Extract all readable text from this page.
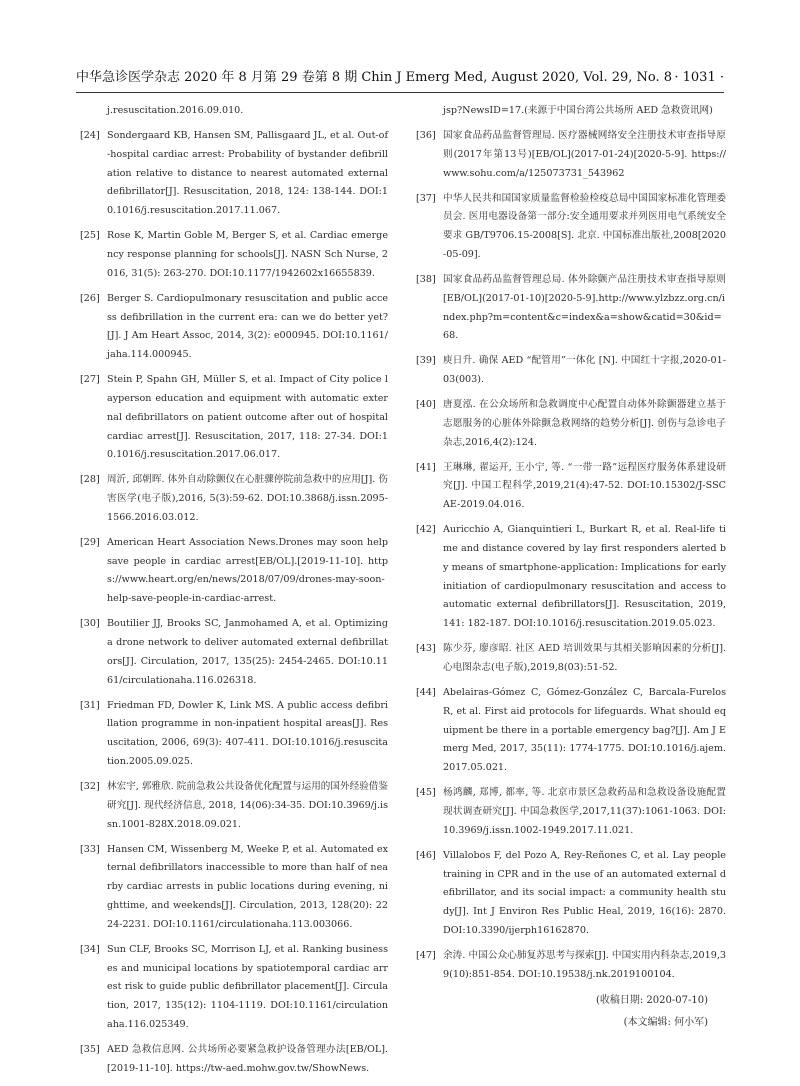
中华急诊医学杂志 2020 年 8 月第 29 卷第 8 期 Chin J Emerg Med, August 2020, Vol. 29, No. 8 · 1031 ·

j.resuscitation.2016.09.010.

[24] Sondergaard KB, Hansen SM, Pallisgaard JL, et al. Out-of-hospital cardiac arrest: Probability of bystander defibrillation relative to distance to nearest automated external defibrillator[J]. Resuscitation, 2018, 124: 138-144. DOI:10.1016/j.resuscitation.2017.11.067.

[25] Rose K, Martin Goble M, Berger S, et al. Cardiac emergency response planning for schools[J]. NASN Sch Nurse, 2016, 31(5): 263-270. DOI:10.1177/1942602x16655839.

[26] Berger S. Cardiopulmonary resuscitation and public access defibrillation in the current era: can we do better yet?[J]. J Am Heart Assoc, 2014, 3(2): e000945. DOI:10.1161/jaha.114.000945.

[27] Stein P, Spahn GH, Müller S, et al. Impact of City police layperson education and equipment with automatic external defibrillators on patient outcome after out of hospital cardiac arrest[J]. Resuscitation, 2017, 118: 27-34. DOI:10.1016/j.resuscitation.2017.06.017.

[28] 周沂, 邱朝晖. 体外自动除颤仪在心脏骤停院前急救中的应用[J]. 伤害医学(电子版),2016, 5(3):59-62. DOI:10.3868/j.issn.2095-1566.2016.03.012.

[29] American Heart Association News.Drones may soon help save people in cardiac arrest[EB/OL].[2019-11-10]. https://www.heart.org/en/news/2018/07/09/drones-may-soon-help-save-people-in-cardiac-arrest.

[30] Boutilier JJ, Brooks SC, Janmohamed A, et al. Optimizing a drone network to deliver automated external defibrillators[J]. Circulation, 2017, 135(25): 2454-2465. DOI:10.1161/circulationaha.116.026318.

[31] Friedman FD, Dowler K, Link MS. A public access defibrillation programme in non-inpatient hospital areas[J]. Resuscitation, 2006, 69(3): 407-411. DOI:10.1016/j.resuscitation.2005.09.025.

[32] 林宏宇, 郭雅欣. 院前急救公共设备优化配置与运用的国外经验借鉴研究[J]. 现代经济信息, 2018, 14(06):34-35. DOI:10.3969/j.issn.1001-828X.2018.09.021.

[33] Hansen CM, Wissenberg M, Weeke P, et al. Automated external defibrillators inaccessible to more than half of nearby cardiac arrests in public locations during evening, nighttime, and weekends[J]. Circulation, 2013, 128(20): 2224-2231. DOI:10.1161/circulationaha.113.003066.

[34] Sun CLF, Brooks SC, Morrison LJ, et al. Ranking businesses and municipal locations by spatiotemporal cardiac arrest risk to guide public defibrillator placement[J]. Circulation, 2017, 135(12): 1104-1119. DOI:10.1161/circulationaha.116.025349.

[35] AED 急救信息网. 公共场所必要紧急救护设备管理办法[EB/OL].[2019-11-10]. https://tw-aed.mohw.gov.tw/ShowNews.

jsp?NewsID=17.(来源于中国台湾公共场所 AED 急救资讯网)

[36] 国家食品药品监督管理局. 医疗器械网络安全注册技术审查指导原则(2017年第13号)[EB/OL](2017-01-24)[2020-5-9]. https://www.sohu.com/a/125073731_543962

[37] 中华人民共和国国家质量监督检验检疫总局中国国家标准化管理委员会. 医用电器设备第一部分:安全通用要求并列医用电气系统安全要求 GB/T9706.15-2008[S]. 北京. 中国标准出版社,2008[2020-05-09].

[38] 国家食品药品监督管理总局. 体外除颤产品注册技术审查指导原则[EB/OL](2017-01-10)[2020-5-9].http://www.ylzbzz.org.cn/index.php?m=content&c=index&a=show&catid=30&id=68.

[39] 庾日升. 确保 AED “配管用”一体化 [N]. 中国红十字报,2020-01-03(003).

[40] 唐夏泓. 在公众场所和急救调度中心配置自动体外除颤器建立基于志愿服务的心脏体外除颤急救网络的趋势分析[J]. 创伤与急诊电子杂志,2016,4(2):124.

[41] 王琳琳, 翟运开, 王小宁, 等. “一带一路”远程医疗服务体系建设研究[J]. 中国工程科学,2019,21(4):47-52. DOI:10.15302/J-SSCAE-2019.04.016.

[42] Auricchio A, Gianquintieri L, Burkart R, et al. Real-life time and distance covered by lay first responders alerted by means of smartphone-application: Implications for early initiation of cardiopulmonary resuscitation and access to automatic external defibrillators[J]. Resuscitation, 2019, 141: 182-187. DOI:10.1016/j.resuscitation.2019.05.023.

[43] 陈少芬, 廖彦昭. 社区 AED 培训效果与其相关影响因素的分析[J]. 心电图杂志(电子版),2019,8(03):51-52.

[44] Abelairas-Gómez C, Gómez-González C, Barcala-Furelos R, et al. First aid protocols for lifeguards. What should equipment be there in a portable emergency bag?[J]. Am J Emerg Med, 2017, 35(11): 1774-1775. DOI:10.1016/j.ajem.2017.05.021.

[45] 杨鸿麟, 郑博, 都率, 等. 北京市景区急救药品和急救设备设施配置现状调查研究[J]. 中国急救医学,2017,11(37):1061-1063. DOI:10.3969/j.issn.1002-1949.2017.11.021.

[46] Villalobos F, del Pozo A, Rey-Reñones C, et al. Lay people training in CPR and in the use of an automated external defibrillator, and its social impact: a community health study[J]. Int J Environ Res Public Heal, 2019, 16(16): 2870. DOI:10.3390/ijerph16162870.

[47] 余涛. 中国公众心肺复苏思考与探索[J]. 中国实用内科杂志,2019,39(10):851-854. DOI:10.19538/j.nk.2019100104.

(收稿日期: 2020-07-10)

(本文编辑: 何小军)
